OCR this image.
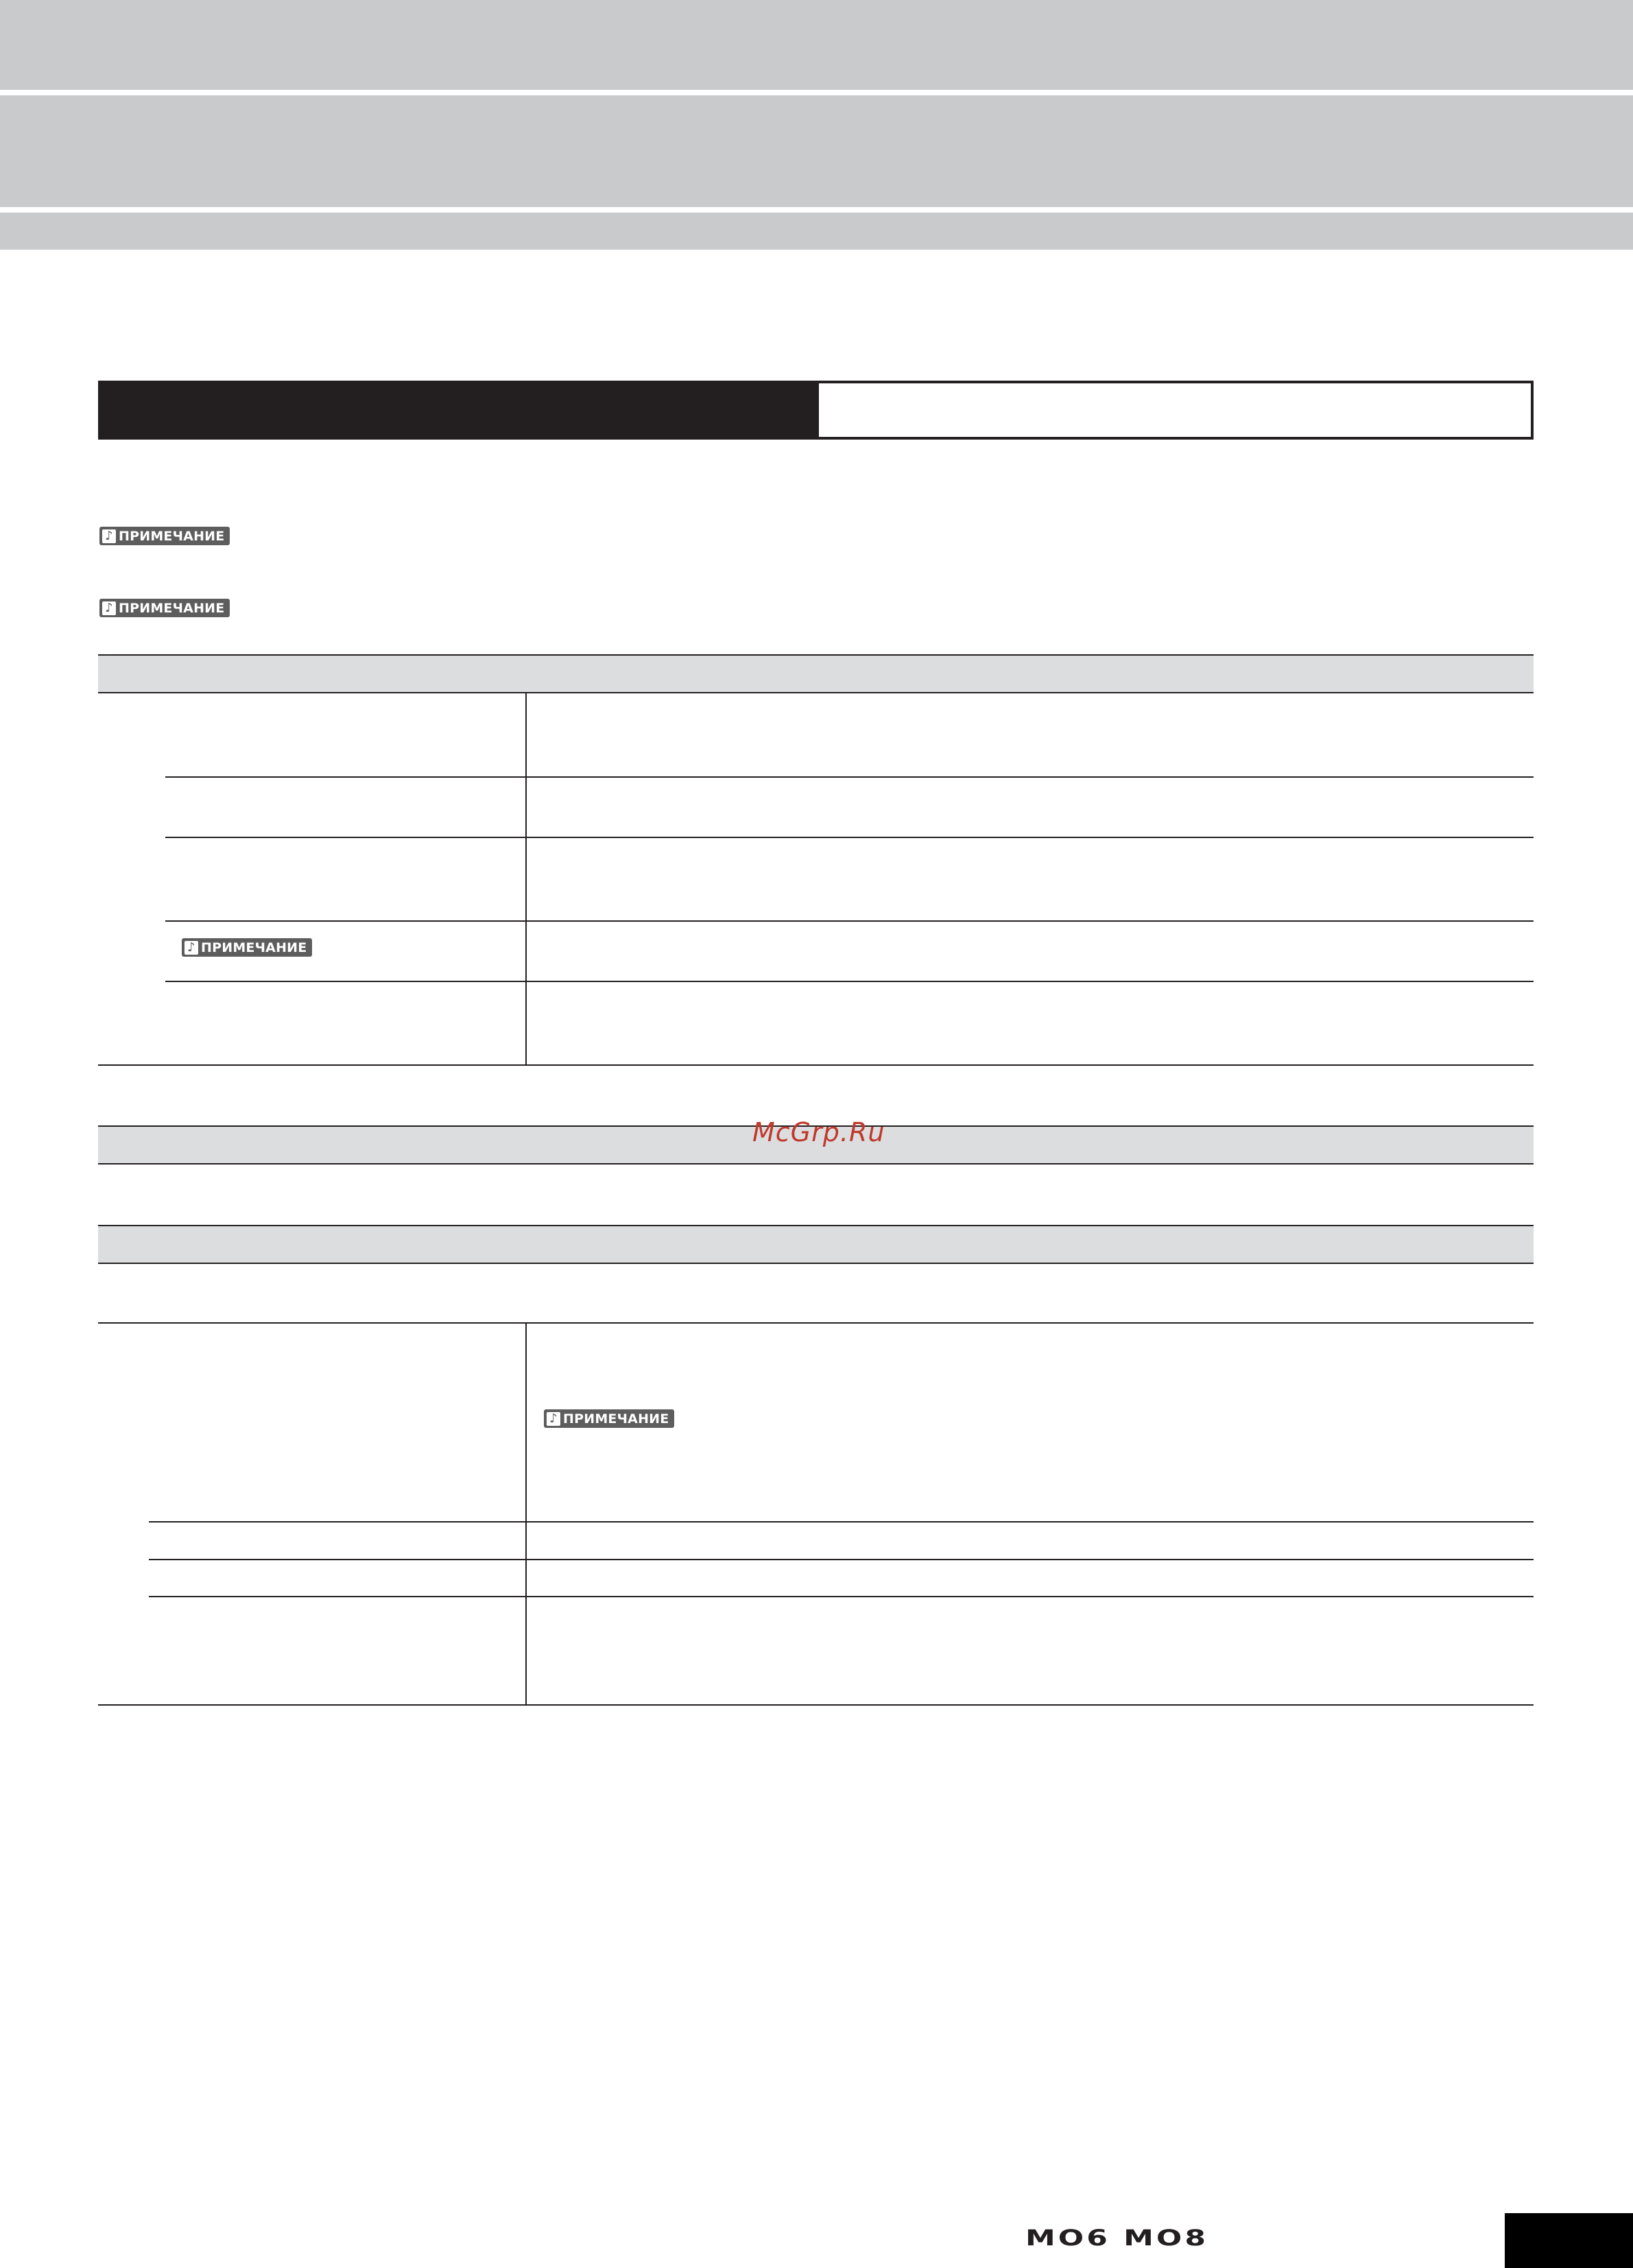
♪ ПРИМЕЧАНИЕ
♪ ПРИМЕЧАНИЕ
♪ ПРИМЕЧАНИЕ
♪ ПРИМЕЧАНИЕ
McGrp.Ru
MO6 MO8
